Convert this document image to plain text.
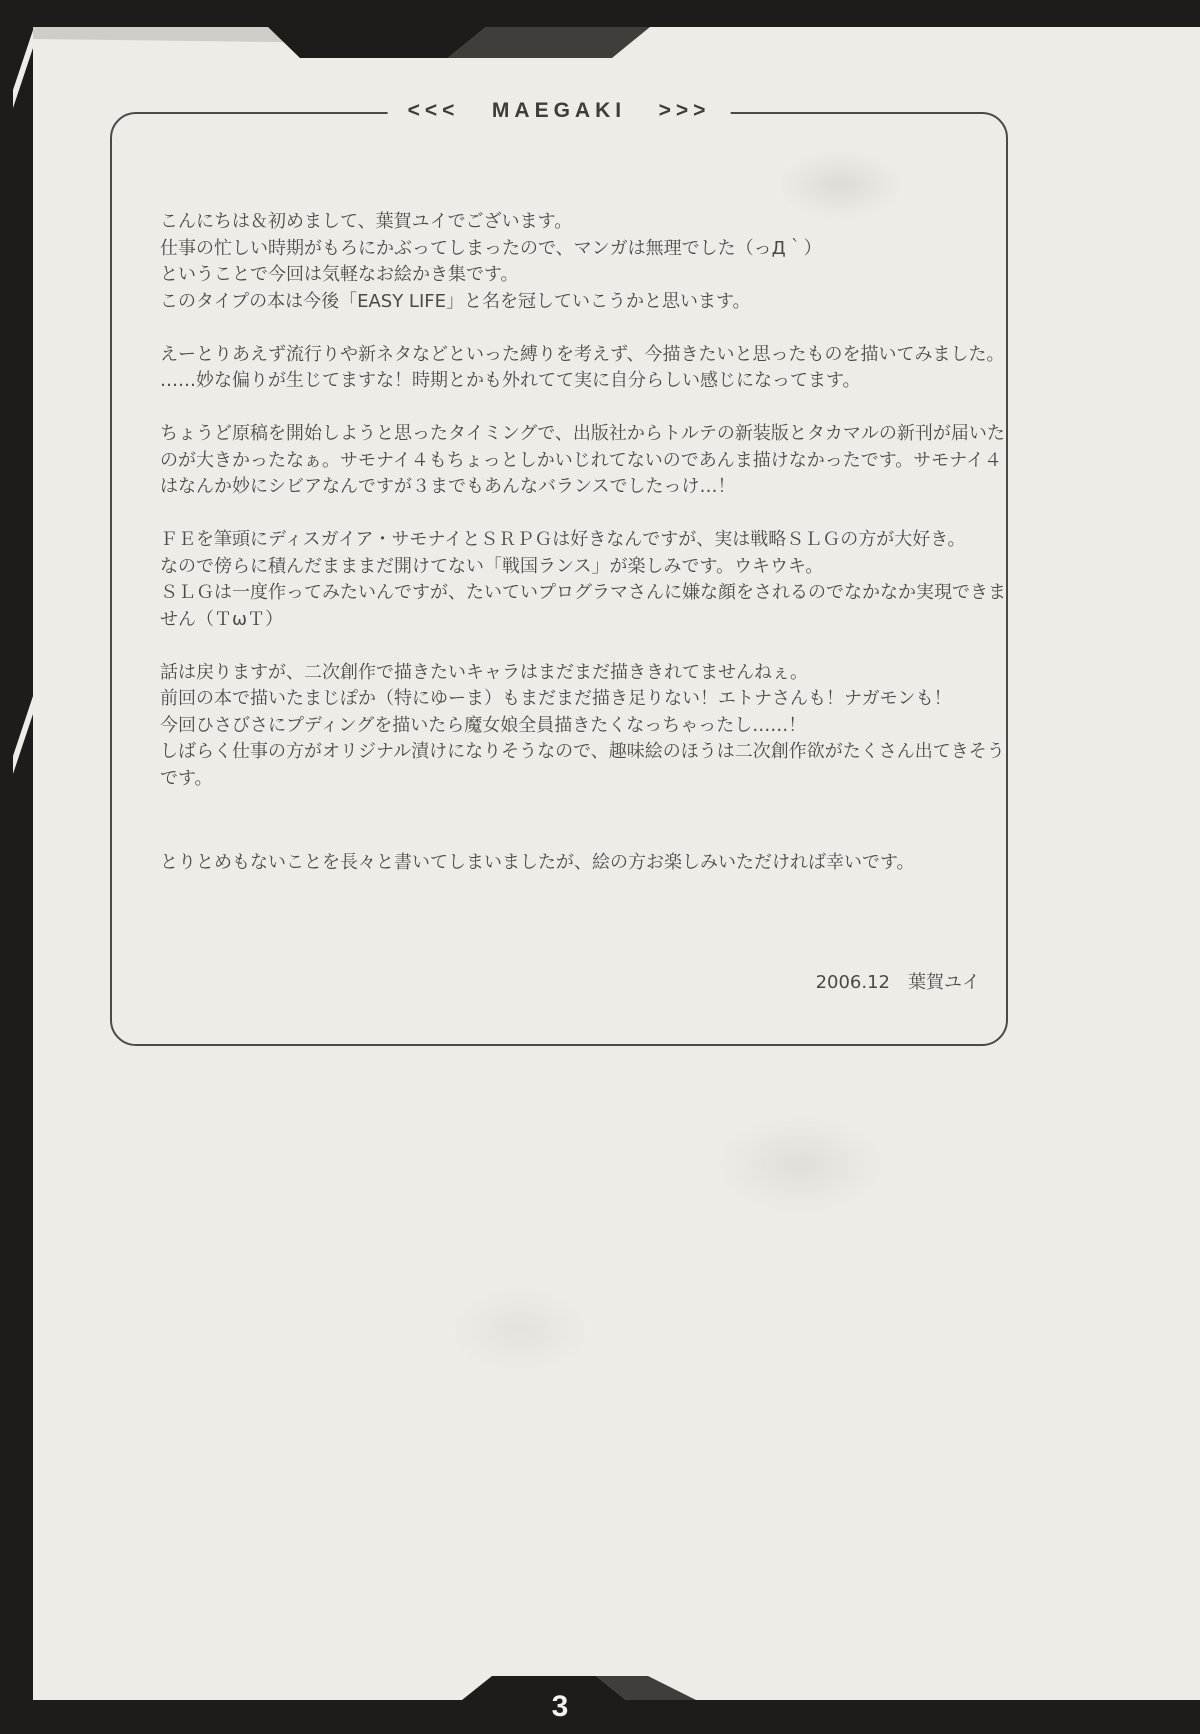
3
<<<   MAEGAKI   >>>

こんにちは＆初めまして、葉賀ユイでございます。
仕事の忙しい時期がもろにかぶってしまったので、マンガは無理でした（っД｀）
ということで今回は気軽なお絵かき集です。
このタイプの本は今後「EASY LIFE」と名を冠していこうかと思います。

えーとりあえず流行りや新ネタなどといった縛りを考えず、今描きたいと思ったものを描いてみました。
……妙な偏りが生じてますな！時期とかも外れてて実に自分らしい感じになってます。

ちょうど原稿を開始しようと思ったタイミングで、出版社からトルテの新装版とタカマルの新刊が届いた
のが大きかったなぁ。サモナイ４もちょっとしかいじれてないのであんま描けなかったです。サモナイ４
はなんか妙にシビアなんですが３までもあんなバランスでしたっけ…！

ＦＥを筆頭にディスガイア・サモナイとＳＲＰＧは好きなんですが、実は戦略ＳＬＧの方が大好き。
なので傍らに積んだまままだ開けてない「戦国ランス」が楽しみです。ウキウキ。
ＳＬＧは一度作ってみたいんですが、たいていプログラマさんに嫌な顔をされるのでなかなか実現できま
せん（ＴωＴ）

話は戻りますが、二次創作で描きたいキャラはまだまだ描ききれてませんねぇ。
前回の本で描いたまじぽか（特にゆーま）もまだまだ描き足りない！エトナさんも！ナガモンも！
今回ひさびさにプディングを描いたら魔女娘全員描きたくなっちゃったし……！
しばらく仕事の方がオリジナル漬けになりそうなので、趣味絵のほうは二次創作欲がたくさん出てきそう
です。

とりとめもないことを長々と書いてしまいましたが、絵の方お楽しみいただければ幸いです。

2006.12　葉賀ユイ
